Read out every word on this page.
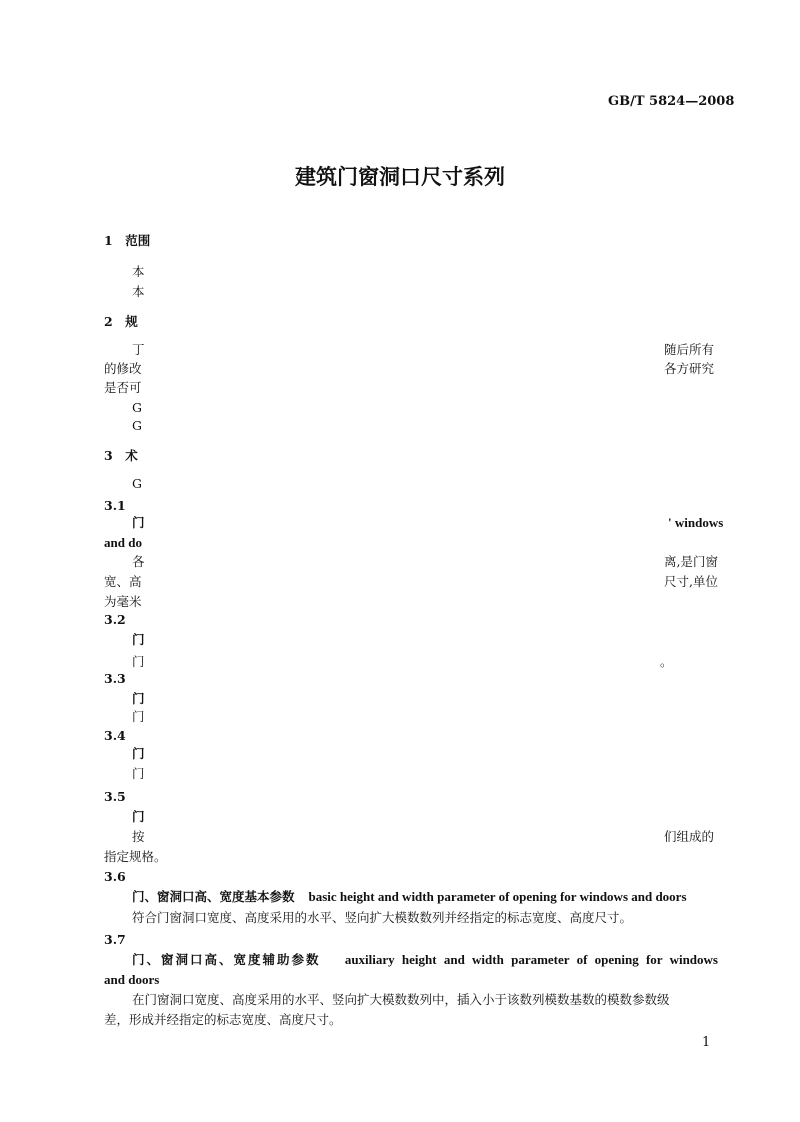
GB/T 5824—2008
建筑门窗洞口尺寸系列
1　范围
本
本
2　规
丁	随后所有
的修改	各方研究
是否可
G
G
3　术
G
3.1
门	' windows
and do
各	离,是门窗
宽、高	尺寸,单位
为毫米
3.2
门
门	。
3.3
门
门
3.4
门
门
3.5
门
按	们组成的
指定规格。
3.6
门、窗洞口高、宽度基本参数 basic height and width parameter of opening for windows and doors
符合门窗洞口宽度、高度采用的水平、竖向扩大模数数列并经指定的标志宽度、高度尺寸。
3.7
门、窗洞口高、宽度辅助参数 auxiliary height and width parameter of opening for windows
and doors
在门窗洞口宽度、高度采用的水平、竖向扩大模数数列中，插入小于该数列模数基数的模数参数级
差，形成并经指定的标志宽度、高度尺寸。
1
